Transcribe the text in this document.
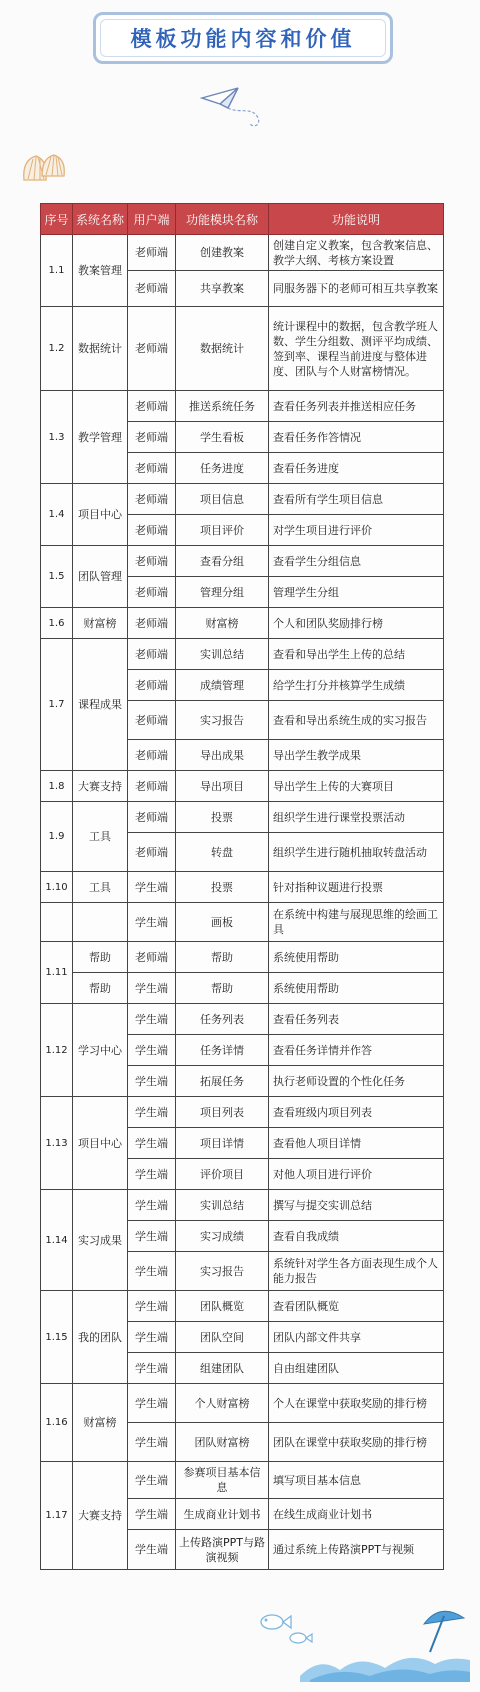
模板功能内容和价值
序号	系统名称	用户端	功能模块名称	功能说明
1.1	教案管理	老师端	创建教案	创建自定义教案，包含教案信息、教学大纲、考核方案设置
		老师端	共享教案	同服务器下的老师可相互共享教案
1.2	数据统计	老师端	数据统计	统计课程中的数据，包含教学班人数、学生分组数、测评平均成绩、签到率、课程当前进度与整体进度、团队与个人财富榜情况。
1.3	教学管理	老师端	推送系统任务	查看任务列表并推送相应任务
		老师端	学生看板	查看任务作答情况
		老师端	任务进度	查看任务进度
1.4	项目中心	老师端	项目信息	查看所有学生项目信息
		老师端	项目评价	对学生项目进行评价
1.5	团队管理	老师端	查看分组	查看学生分组信息
		老师端	管理分组	管理学生分组
1.6	财富榜	老师端	财富榜	个人和团队奖励排行榜
1.7	课程成果	老师端	实训总结	查看和导出学生上传的总结
		老师端	成绩管理	给学生打分并核算学生成绩
		老师端	实习报告	查看和导出系统生成的实习报告
		老师端	导出成果	导出学生教学成果
1.8	大赛支持	老师端	导出项目	导出学生上传的大赛项目
1.9	工具	老师端	投票	组织学生进行课堂投票活动
		老师端	转盘	组织学生进行随机抽取转盘活动
1.10	工具	学生端	投票	针对指种议题进行投票
		学生端	画板	在系统中构建与展现思维的绘画工具
1.11	帮助	老师端	帮助	系统使用帮助
	帮助	学生端	帮助	系统使用帮助
1.12	学习中心	学生端	任务列表	查看任务列表
		学生端	任务详情	查看任务详情并作答
		学生端	拓展任务	执行老师设置的个性化任务
1.13	项目中心	学生端	项目列表	查看班级内项目列表
		学生端	项目详情	查看他人项目详情
		学生端	评价项目	对他人项目进行评价
1.14	实习成果	学生端	实训总结	撰写与提交实训总结
		学生端	实习成绩	查看自我成绩
		学生端	实习报告	系统针对学生各方面表现生成个人能力报告
1.15	我的团队	学生端	团队概览	查看团队概览
		学生端	团队空间	团队内部文件共享
		学生端	组建团队	自由组建团队
1.16	财富榜	学生端	个人财富榜	个人在课堂中获取奖励的排行榜
		学生端	团队财富榜	团队在课堂中获取奖励的排行榜
1.17	大赛支持	学生端	参赛项目基本信息	填写项目基本信息
		学生端	生成商业计划书	在线生成商业计划书
		学生端	上传路演PPT与路演视频	通过系统上传路演PPT与视频
